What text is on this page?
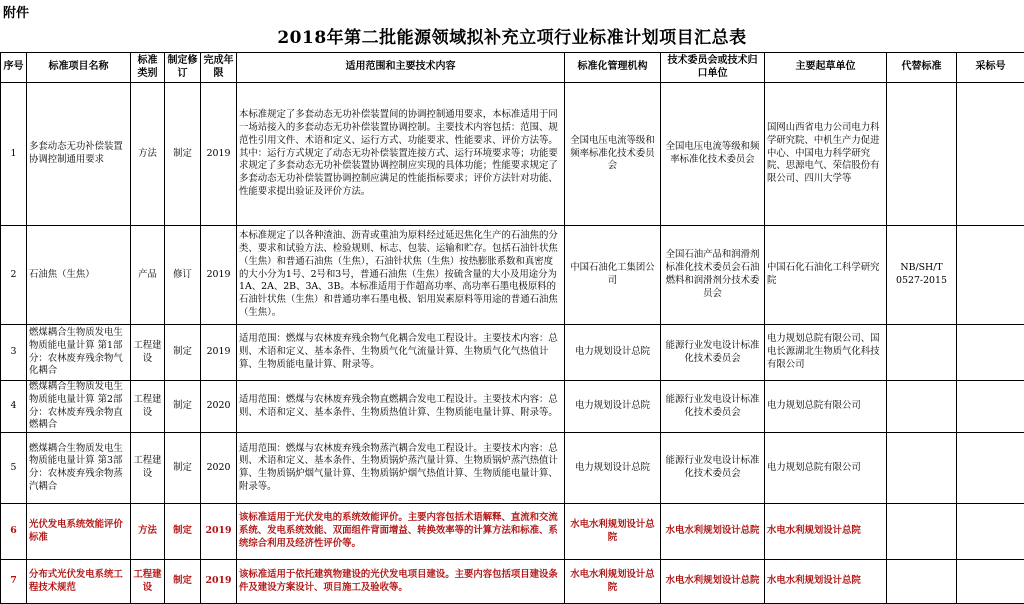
附件
2018年第二批能源领域拟补充立项行业标准计划项目汇总表
序号	标准项目名称	标准类别	制定修订	完成年限	适用范围和主要技术内容	标准化管理机构	技术委员会或技术归口单位	主要起草单位	代替标准	采标号
1	多套动态无功补偿装置协调控制通用要求	方法	制定	2019	本标准规定了多套动态无功补偿装置间的协调控制通用要求，本标准适用于同一场站接入的多套动态无功补偿装置协调控制。主要技术内容包括：范围、规范性引用文件、术语和定义、运行方式、功能要求、性能要求、评价方法等。其中：运行方式规定了动态无功补偿装置连接方式、运行环境要求等；功能要求规定了多套动态无功补偿装置协调控制应实现的具体功能；性能要求规定了多套动态无功补偿装置协调控制应满足的性能指标要求；评价方法针对功能、性能要求提出验证及评价方法。	全国电压电流等级和频率标准化技术委员会	全国电压电流等级和频率标准化技术委员会	国网山西省电力公司电力科学研究院、中机生产力促进中心、中国电力科学研究院、思源电气、荣信股份有限公司、四川大学等		
2	石油焦（生焦）	产品	修订	2019	本标准规定了以各种渣油、沥青或重油为原料经过延迟焦化生产的石油焦的分类、要求和试验方法、检验规则、标志、包装、运输和贮存。包括石油针状焦（生焦）和普通石油焦（生焦），石油针状焦（生焦）按热膨胀系数和真密度的大小分为1号、2号和3号，普通石油焦（生焦）按硫含量的大小及用途分为1A、2A、2B、3A、3B。本标准适用于作超高功率、高功率石墨电极原料的石油针状焦（生焦）和普通功率石墨电极、铝用炭素原料等用途的普通石油焦（生焦）。	中国石油化工集团公司	全国石油产品和润滑剂标准化技术委员会石油燃料和润滑剂分技术委员会	中国石化石油化工科学研究院	NB/SH/T 0527-2015	
3	燃煤耦合生物质发电生物质能电量计算 第1部分：农林废弃残余物气化耦合	工程建设	制定	2019	适用范围：燃煤与农林废弃残余物气化耦合发电工程设计。主要技术内容：总则、术语和定义、基本条件、生物质气化气流量计算、生物质气化气热值计算、生物质能电量计算、附录等。	电力规划设计总院	能源行业发电设计标准化技术委员会	电力规划总院有限公司、国电长源湖北生物质气化科技有限公司		
4	燃煤耦合生物质发电生物质能电量计算 第2部分：农林废弃残余物直燃耦合	工程建设	制定	2020	适用范围：燃煤与农林废弃残余物直燃耦合发电工程设计。主要技术内容：总则、术语和定义、基本条件、生物质热值计算、生物质能电量计算、附录等。	电力规划设计总院	能源行业发电设计标准化技术委员会	电力规划总院有限公司		
5	燃煤耦合生物质发电生物质能电量计算 第3部分：农林废弃残余物蒸汽耦合	工程建设	制定	2020	适用范围：燃煤与农林废弃残余物蒸汽耦合发电工程设计。主要技术内容：总则、术语和定义、基本条件、生物质锅炉蒸汽量计算、生物质锅炉蒸汽热值计算、生物质锅炉烟气量计算、生物质锅炉烟气热值计算、生物质能电量计算、附录等。	电力规划设计总院	能源行业发电设计标准化技术委员会	电力规划总院有限公司		
6	光伏发电系统效能评价标准	方法	制定	2019	该标准适用于光伏发电的系统效能评价。主要内容包括术语解释、直流和交流系统、发电系统效能、双面组件背面增益、转换效率等的计算方法和标准、系统综合利用及经济性评价等。	水电水利规划设计总院	水电水利规划设计总院	水电水利规划设计总院		
7	分布式光伏发电系统工程技术规范	工程建设	制定	2019	该标准适用于依托建筑物建设的光伏发电项目建设。主要内容包括项目建设条件及建设方案设计、项目施工及验收等。	水电水利规划设计总院	水电水利规划设计总院	水电水利规划设计总院		
